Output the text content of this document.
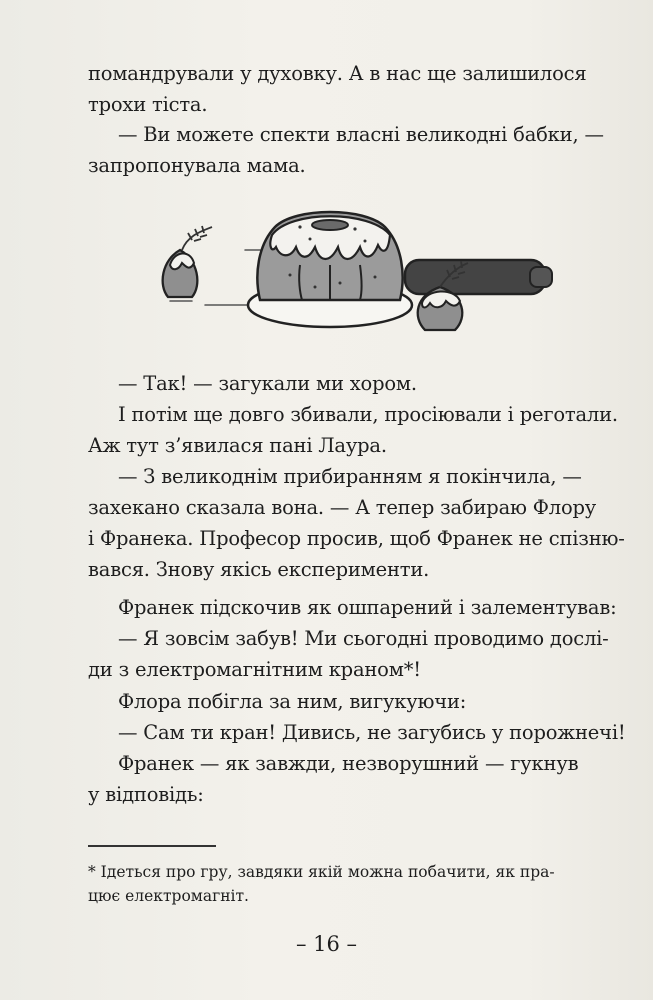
помандрували у духовку. А в нас ще залишилося
трохи тіста.
— Ви можете спекти власні великодні бабки, —
запропонувала мама.
— Так! — загукали ми хором.
І потім ще довго збивали, просіювали і реготали.
Аж тут з’явилася пані Лаура.
— З великоднім прибиранням я покінчила, —
захекано сказала вона. — А тепер забираю Флору
і Франека. Професор просив, щоб Франек не спізню-
вався. Знову якісь експерименти.
Франек підскочив як ошпарений і залементував:
— Я зовсім забув! Ми сьогодні проводимо дослі-
ди з електромагнітним краном*!
Флора побігла за ним, вигукуючи:
— Сам ти кран! Дивись, не загубись у порожнечі!
Франек — як завжди, незворушний — гукнув
у відповідь:
* Ідеться про гру, завдяки якій можна побачити, як пра-
цює електромагніт.
– 16 –
